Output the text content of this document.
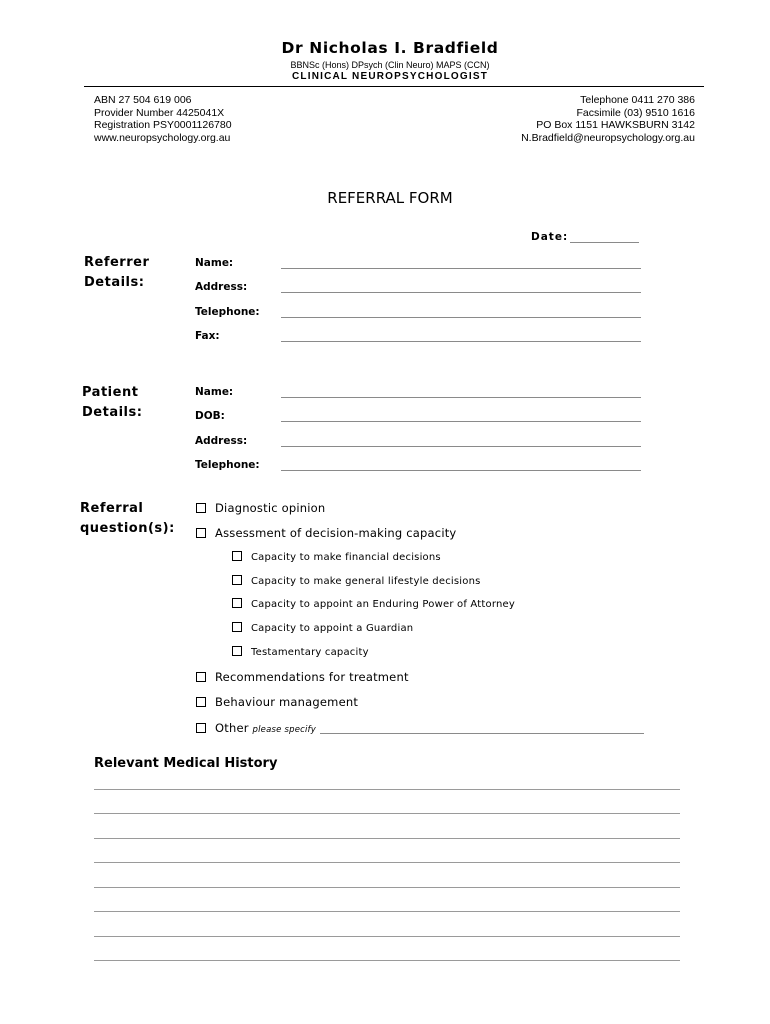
Dr Nicholas I. Bradfield
BBNSc (Hons) DPsych (Clin Neuro) MAPS (CCN)
CLINICAL NEUROPSYCHOLOGIST
ABN 27 504 619 006
Provider Number 4425041X
Registration PSY0001126780
www.neuropsychology.org.au
Telephone 0411 270 386
Facsimile (03) 9510 1616
PO Box 1151 HAWKSBURN 3142
N.Bradfield@neuropsychology.org.au
REFERRAL FORM
Date:
Referrer
Details:
Name:
Address:
Telephone:
Fax:
Patient
Details:
Name:
DOB:
Address:
Telephone:
Referral
question(s):
Diagnostic opinion
Assessment of decision-making capacity
Capacity to make financial decisions
Capacity to make general lifestyle decisions
Capacity to appoint an Enduring Power of Attorney
Capacity to appoint a Guardian
Testamentary capacity
Recommendations for treatment
Behaviour management
Other please specify
Relevant Medical History
